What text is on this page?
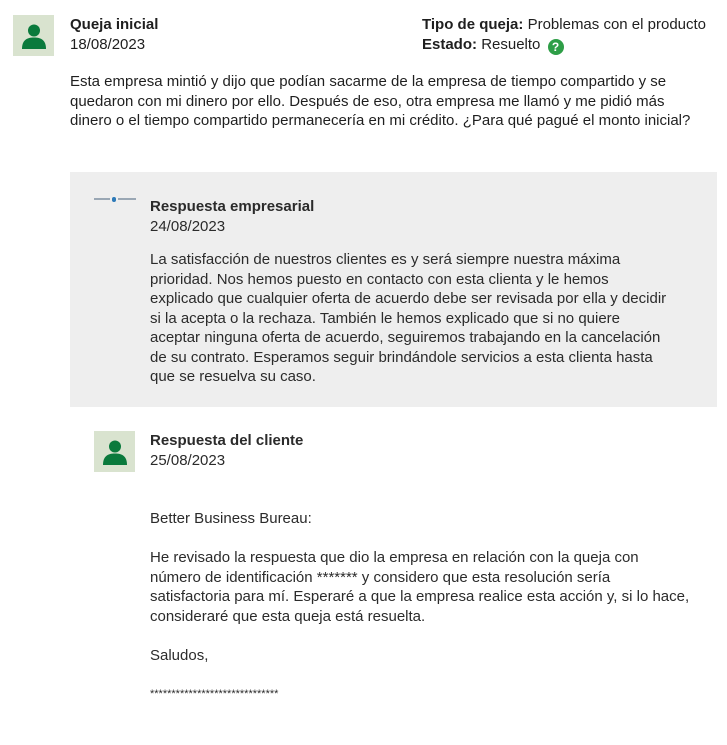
Queja inicial
18/08/2023
Tipo de queja: Problemas con el producto
Estado: Resuelto ?

Esta empresa mintió y dijo que podían sacarme de la empresa de tiempo compartido y se quedaron con mi dinero por ello. Después de eso, otra empresa me llamó y me pidió más dinero o el tiempo compartido permanecería en mi crédito. ¿Para qué pagué el monto inicial?

Respuesta empresarial
24/08/2023

La satisfacción de nuestros clientes es y será siempre nuestra máxima prioridad. Nos hemos puesto en contacto con esta clienta y le hemos explicado que cualquier oferta de acuerdo debe ser revisada por ella y decidir si la acepta o la rechaza. También le hemos explicado que si no quiere aceptar ninguna oferta de acuerdo, seguiremos trabajando en la cancelación de su contrato. Esperamos seguir brindándole servicios a esta clienta hasta que se resuelva su caso.

Respuesta del cliente
25/08/2023

Better Business Bureau:

He revisado la respuesta que dio la empresa en relación con la queja con número de identificación ******* y considero que esta resolución sería satisfactoria para mí. Esperaré a que la empresa realice esta acción y, si lo hace, consideraré que esta queja está resuelta.

Saludos,

******************************
